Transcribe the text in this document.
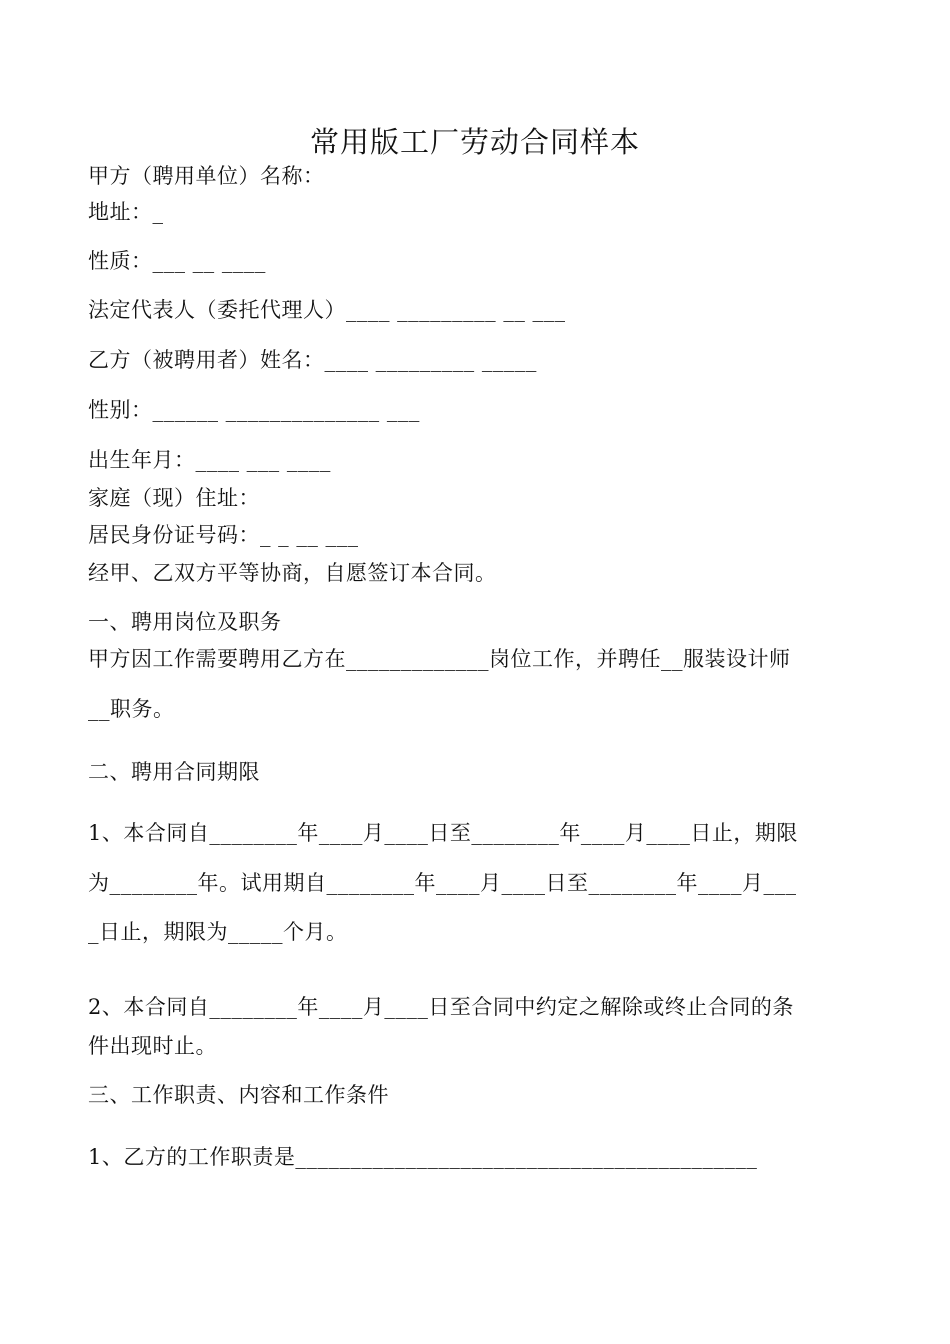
常用版工厂劳动合同样本
甲方（聘用单位）名称：
地址：_
性质：___ __ ____
法定代表人（委托代理人）____ _________ __ ___
乙方（被聘用者）姓名：____ _________ _____
性别：______ ______________ ___
出生年月：____ ___ ____
家庭（现）住址：
居民身份证号码：_ _ __ ___
经甲、乙双方平等协商，自愿签订本合同。
一、聘用岗位及职务
甲方因工作需要聘用乙方在_____________岗位工作，并聘任__服装设计师
__职务。
二、聘用合同期限
1、本合同自________年____月____日至________年____月____日止，期限
为________年。试用期自________年____月____日至________年____月___
_日止，期限为_____个月。
2、本合同自________年____月____日至合同中约定之解除或终止合同的条
件出现时止。
三、工作职责、内容和工作条件
1、乙方的工作职责是__________________________________________
